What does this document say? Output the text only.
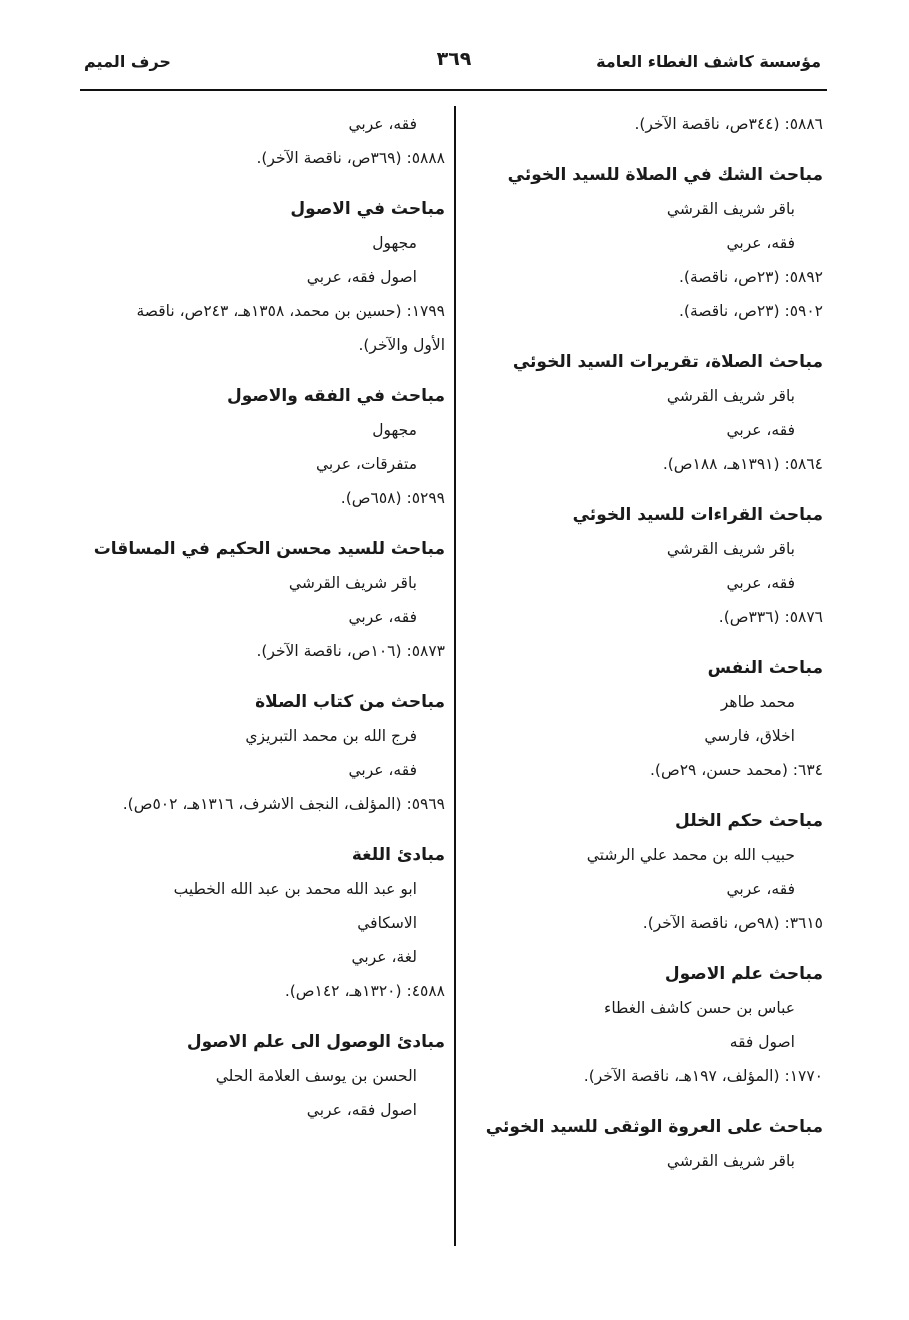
مؤسسة كاشف الغطاء العامة
٣٦٩
حرف الميم
٥٨٨٦: (٣٤٤ص، ناقصة الآخر).
مباحث الشك في الصلاة للسيد الخوئي
باقر شريف القرشي
فقه، عربي
٥٨٩٢: (٢٣ص، ناقصة).
٥٩٠٢: (٢٣ص، ناقصة).
مباحث الصلاة، تقريرات السيد الخوئي
باقر شريف القرشي
فقه، عربي
٥٨٦٤: (١٣٩١هـ، ١٨٨ص).
مباحث القراءات للسيد الخوئي
باقر شريف القرشي
فقه، عربي
٥٨٧٦: (٣٣٦ص).
مباحث النفس
محمد طاهر
اخلاق، فارسي
٦٣٤: (محمد حسن، ٢٩ص).
مباحث حكم الخلل
حبيب الله بن محمد علي الرشتي
فقه، عربي
٣٦١٥: (٩٨ص، ناقصة الآخر).
مباحث علم الاصول
عباس بن حسن كاشف الغطاء
اصول فقه
١٧٧٠: (المؤلف، ١٩٧هـ، ناقصة الآخر).
مباحث على العروة الوثقى للسيد الخوئي
باقر شريف القرشي
فقه، عربي
٥٨٨٨: (٣٦٩ص، ناقصة الآخر).
مباحث في الاصول
مجهول
اصول فقه، عربي
١٧٩٩: (حسين بن محمد، ١٣٥٨هـ، ٢٤٣ص، ناقصة الأول والآخر).
مباحث في الفقه والاصول
مجهول
متفرقات، عربي
٥٢٩٩: (٦٥٨ص).
مباحث للسيد محسن الحكيم في المساقات
باقر شريف القرشي
فقه، عربي
٥٨٧٣: (١٠٦ص، ناقصة الآخر).
مباحث من كتاب الصلاة
فرج الله بن محمد التبريزي
فقه، عربي
٥٩٦٩: (المؤلف، النجف الاشرف، ١٣١٦هـ، ٥٠٢ص).
مبادئ اللغة
ابو عبد الله محمد بن عبد الله الخطيب
الاسكافي
لغة، عربي
٤٥٨٨: (١٣٢٠هـ، ١٤٢ص).
مبادئ الوصول الى علم الاصول
الحسن بن يوسف العلامة الحلي
اصول فقه، عربي
